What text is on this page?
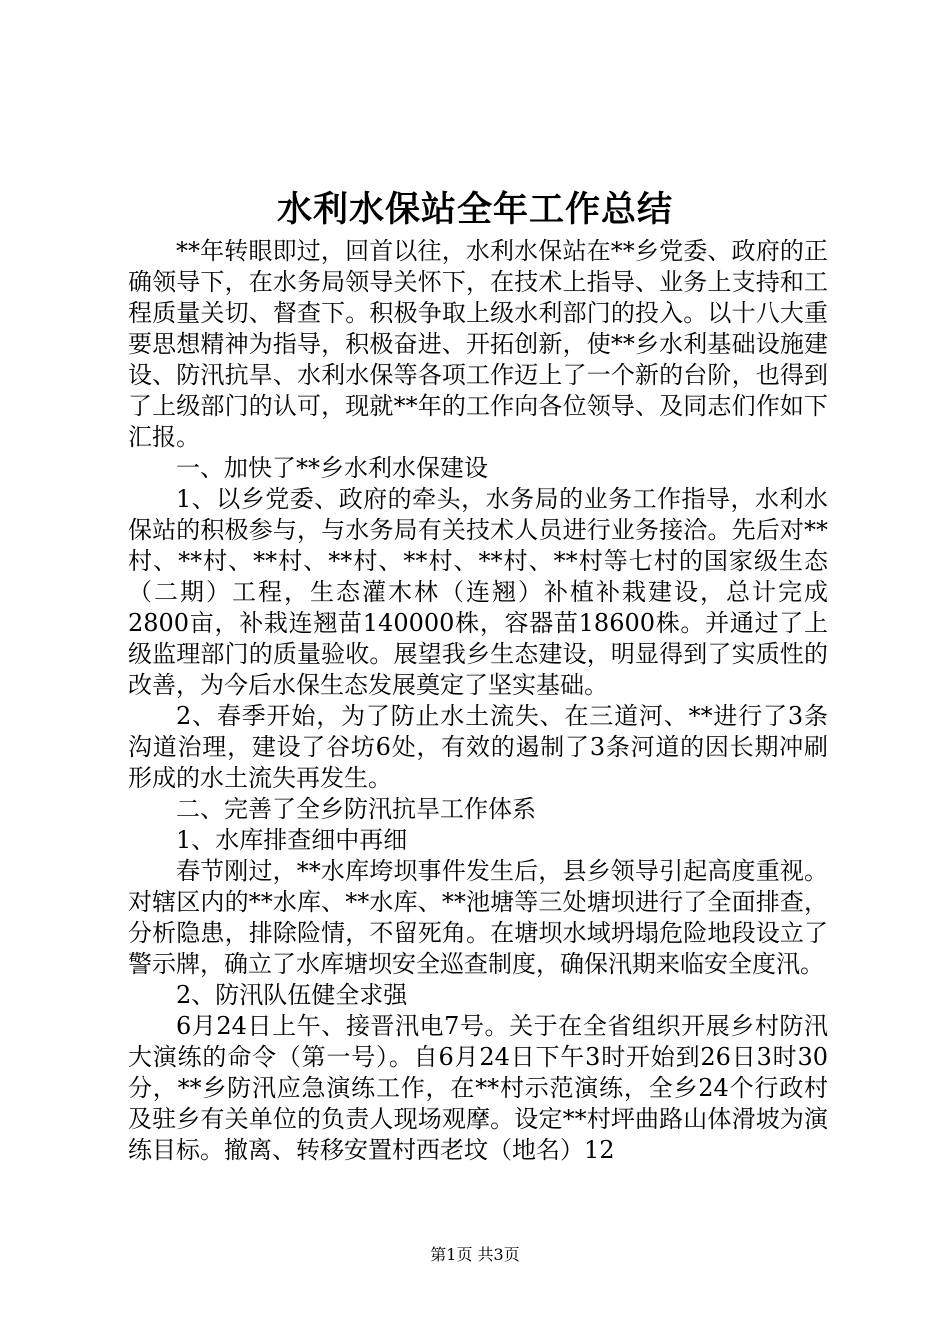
水利水保站全年工作总结

**年转眼即过，回首以往，水利水保站在**乡党委、政府的正确领导下，在水务局领导关怀下，在技术上指导、业务上支持和工程质量关切、督查下。积极争取上级水利部门的投入。以十八大重要思想精神为指导，积极奋进、开拓创新，使**乡水利基础设施建设、防汛抗旱、水利水保等各项工作迈上了一个新的台阶，也得到了上级部门的认可，现就**年的工作向各位领导、及同志们作如下汇报。

一、加快了**乡水利水保建设

1、以乡党委、政府的牵头，水务局的业务工作指导，水利水保站的积极参与，与水务局有关技术人员进行业务接洽。先后对**村、**村、**村、**村、**村、**村、**村等七村的国家级生态（二期）工程，生态灌木林（连翘）补植补栽建设，总计完成2800亩，补栽连翘苗140000株，容器苗18600株。并通过了上级监理部门的质量验收。展望我乡生态建设，明显得到了实质性的改善，为今后水保生态发展奠定了坚实基础。

2、春季开始，为了防止水土流失、在三道河、**进行了3条沟道治理，建设了谷坊6处，有效的遏制了3条河道的因长期冲刷形成的水土流失再发生。

二、完善了全乡防汛抗旱工作体系

1、水库排查细中再细

春节刚过，**水库垮坝事件发生后，县乡领导引起高度重视。对辖区内的**水库、**水库、**池塘等三处塘坝进行了全面排查，分析隐患，排除险情，不留死角。在塘坝水域坍塌危险地段设立了警示牌，确立了水库塘坝安全巡查制度，确保汛期来临安全度汛。

2、防汛队伍健全求强

6月24日上午、接晋汛电7号。关于在全省组织开展乡村防汛大演练的命令（第一号）。自6月24日下午3时开始到26日3时30分，**乡防汛应急演练工作，在**村示范演练，全乡24个行政村及驻乡有关单位的负责人现场观摩。设定**村坪曲路山体滑坡为演练目标。撤离、转移安置村西老坟（地名）12

第1页 共3页
